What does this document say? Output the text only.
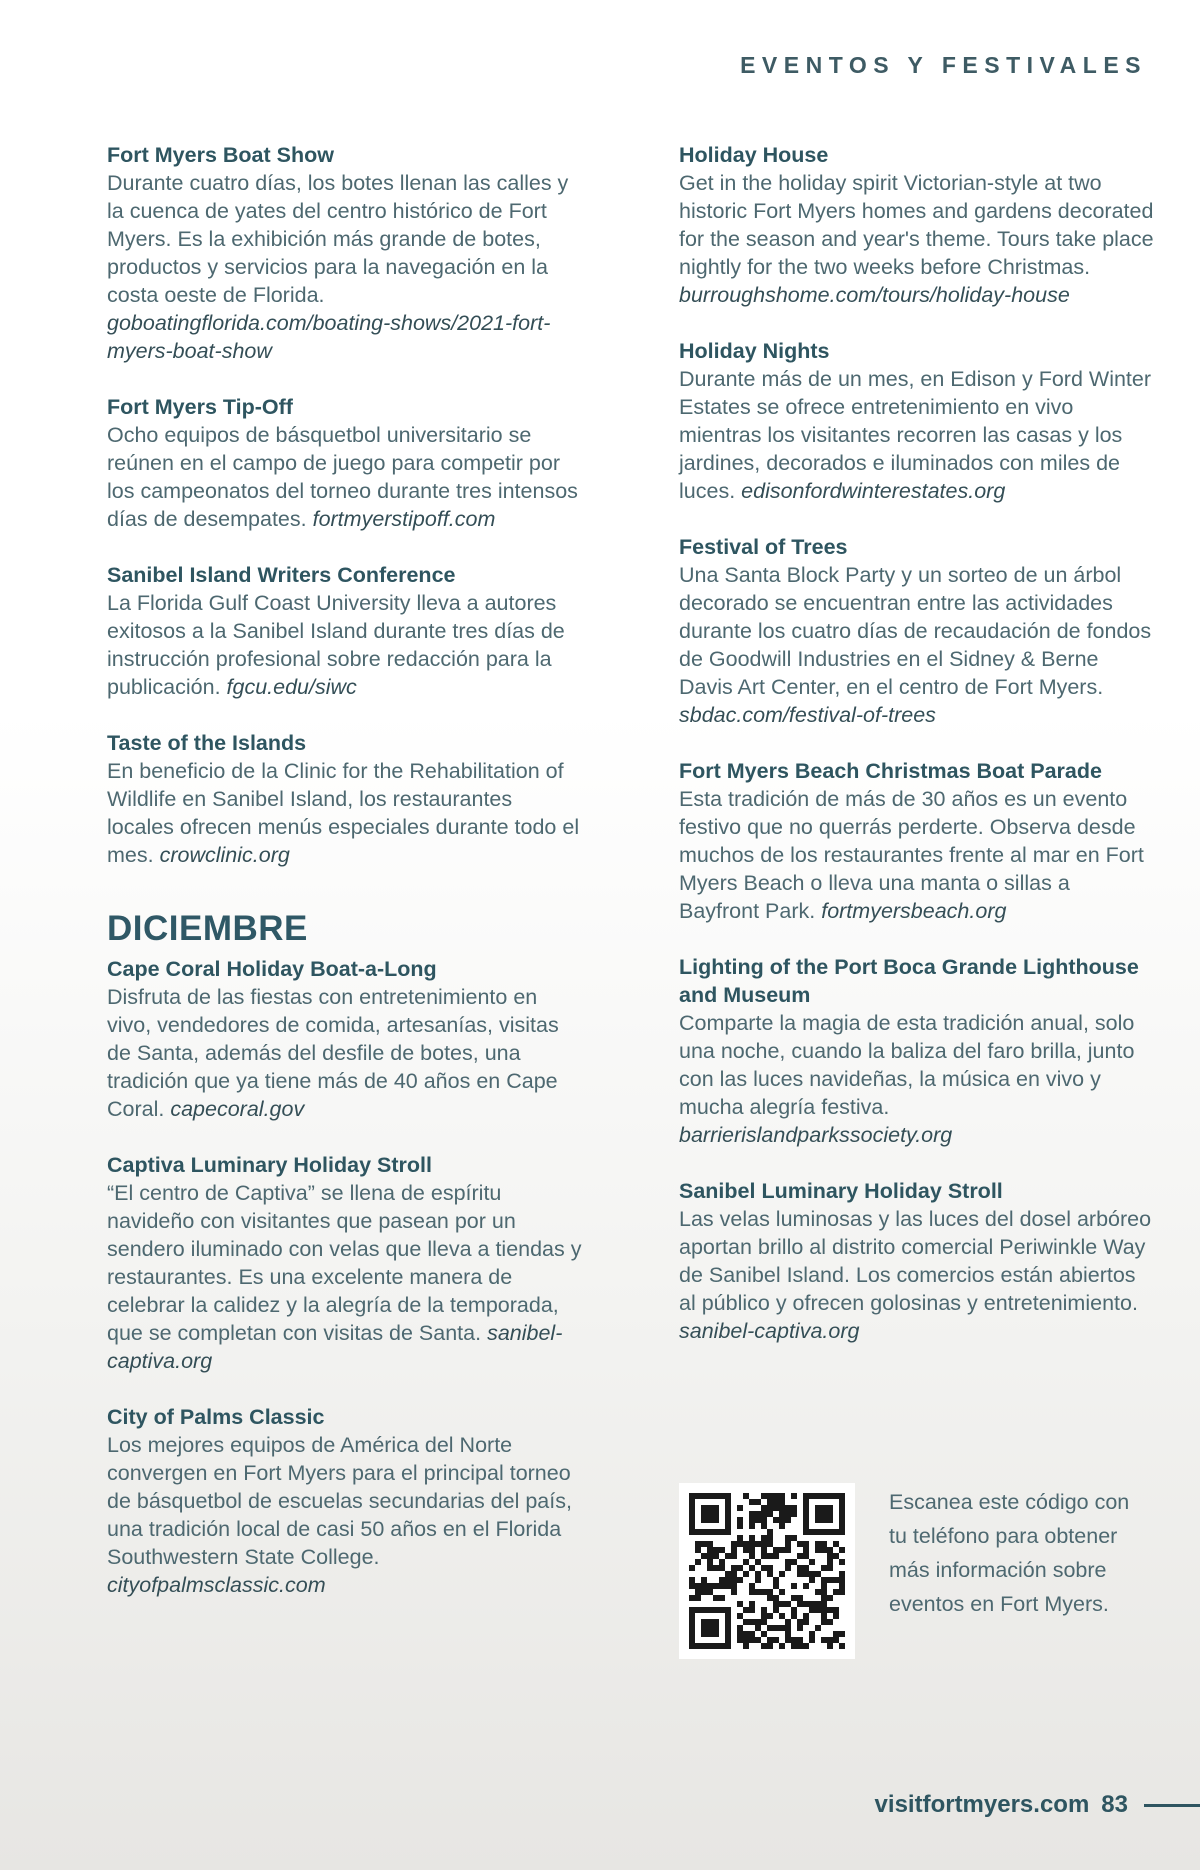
EVENTOS Y FESTIVALES

Fort Myers Boat Show

Durante cuatro días, los botes llenan las calles y la cuenca de yates del centro histórico de Fort Myers. Es la exhibición más grande de botes, productos y servicios para la navegación en la costa oeste de Florida. goboatingflorida.com/boating-shows/2021-fort-myers-boat-show

Fort Myers Tip-Off

Ocho equipos de básquetbol universitario se reúnen en el campo de juego para competir por los campeonatos del torneo durante tres intensos días de desempates. fortmyerstipoff.com

Sanibel Island Writers Conference

La Florida Gulf Coast University lleva a autores exitosos a la Sanibel Island durante tres días de instrucción profesional sobre redacción para la publicación. fgcu.edu/siwc

Taste of the Islands

En beneficio de la Clinic for the Rehabilitation of Wildlife en Sanibel Island, los restaurantes locales ofrecen menús especiales durante todo el mes. crowclinic.org

DICIEMBRE

Cape Coral Holiday Boat-a-Long

Disfruta de las fiestas con entretenimiento en vivo, vendedores de comida, artesanías, visitas de Santa, además del desfile de botes, una tradición que ya tiene más de 40 años en Cape Coral. capecoral.gov

Captiva Luminary Holiday Stroll

“El centro de Captiva” se llena de espíritu navideño con visitantes que pasean por un sendero iluminado con velas que lleva a tiendas y restaurantes. Es una excelente manera de celebrar la calidez y la alegría de la temporada, que se completan con visitas de Santa. sanibel-captiva.org

City of Palms Classic

Los mejores equipos de América del Norte convergen en Fort Myers para el principal torneo de básquetbol de escuelas secundarias del país, una tradición local de casi 50 años en el Florida Southwestern State College. cityofpalmsclassic.com

Holiday House

Get in the holiday spirit Victorian-style at two historic Fort Myers homes and gardens decorated for the season and year's theme. Tours take place nightly for the two weeks before Christmas. burroughshome.com/tours/holiday-house

Holiday Nights

Durante más de un mes, en Edison y Ford Winter Estates se ofrece entretenimiento en vivo mientras los visitantes recorren las casas y los jardines, decorados e iluminados con miles de luces. edisonfordwinterestates.org

Festival of Trees

Una Santa Block Party y un sorteo de un árbol decorado se encuentran entre las actividades durante los cuatro días de recaudación de fondos de Goodwill Industries en el Sidney & Berne Davis Art Center, en el centro de Fort Myers. sbdac.com/festival-of-trees

Fort Myers Beach Christmas Boat Parade

Esta tradición de más de 30 años es un evento festivo que no querrás perderte. Observa desde muchos de los restaurantes frente al mar en Fort Myers Beach o lleva una manta o sillas a Bayfront Park. fortmyersbeach.org

Lighting of the Port Boca Grande Lighthouse and Museum

Comparte la magia de esta tradición anual, solo una noche, cuando la baliza del faro brilla, junto con las luces navideñas, la música en vivo y mucha alegría festiva. barrierislandparkssociety.org

Sanibel Luminary Holiday Stroll

Las velas luminosas y las luces del dosel arbóreo aportan brillo al distrito comercial Periwinkle Way de Sanibel Island. Los comercios están abiertos al público y ofrecen golosinas y entretenimiento. sanibel-captiva.org

Escanea este código con tu teléfono para obtener más información sobre eventos en Fort Myers.

visitfortmyers.com 83
